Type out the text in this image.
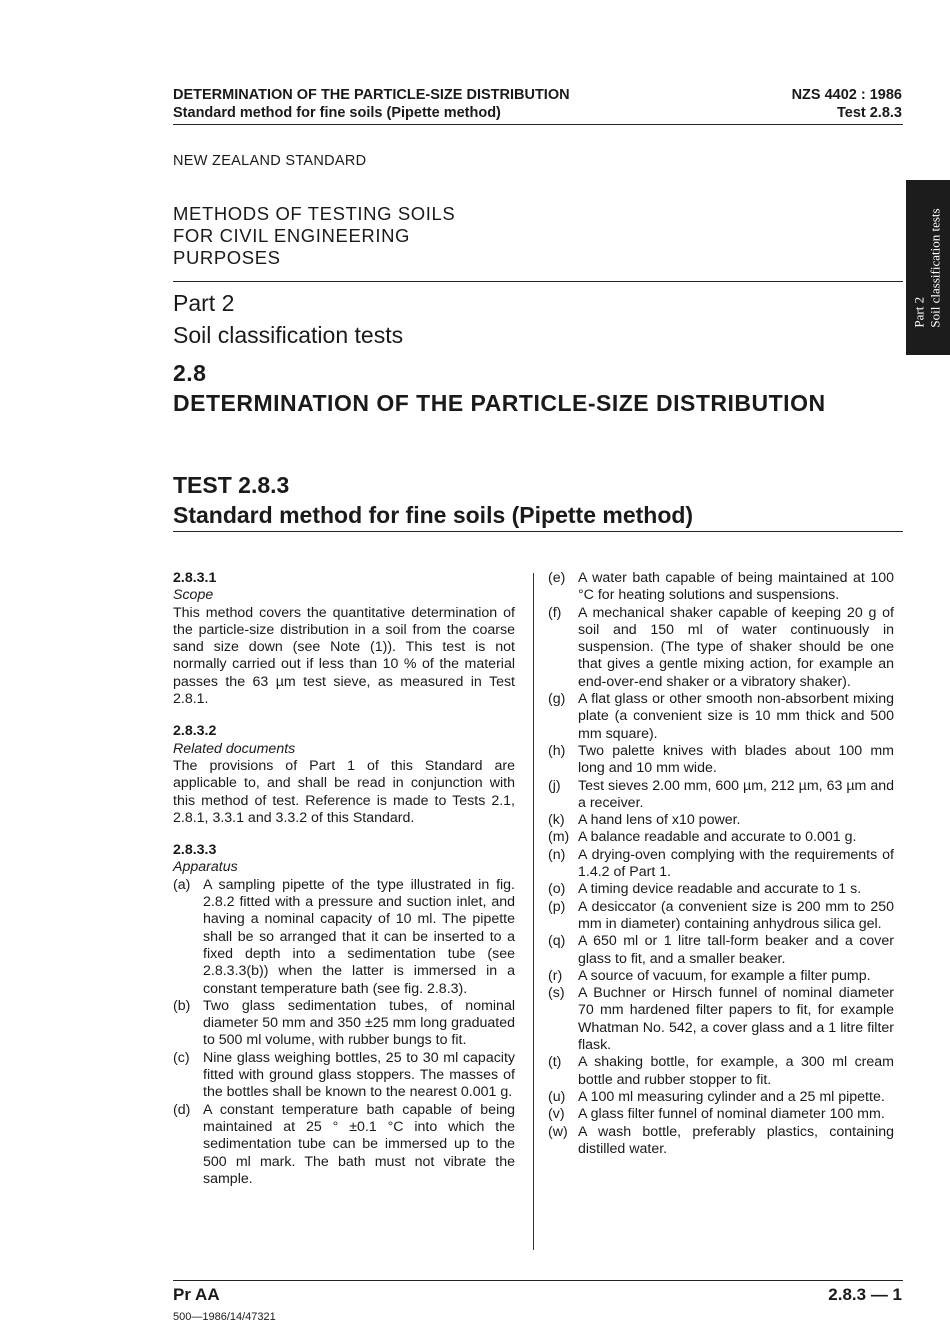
DETERMINATION OF THE PARTICLE-SIZE DISTRIBUTION
Standard method for fine soils (Pipette method)
NZS 4402 : 1986
Test 2.8.3
NEW ZEALAND STANDARD
METHODS OF TESTING SOILS
FOR CIVIL ENGINEERING
PURPOSES
Part 2
Soil classification tests
2.8
DETERMINATION OF THE PARTICLE-SIZE DISTRIBUTION
TEST 2.8.3
Standard method for fine soils (Pipette method)
Part 2 Soil classification tests
2.8.3.1
Scope
This method covers the quantitative determination of the particle-size distribution in a soil from the coarse sand size down (see Note (1)). This test is not normally carried out if less than 10 % of the material passes the 63 µm test sieve, as measured in Test 2.8.1.
2.8.3.2
Related documents
The provisions of Part 1 of this Standard are applicable to, and shall be read in conjunction with this method of test. Reference is made to Tests 2.1, 2.8.1, 3.3.1 and 3.3.2 of this Standard.
2.8.3.3
Apparatus
(a) A sampling pipette of the type illustrated in fig. 2.8.2 fitted with a pressure and suction inlet, and having a nominal capacity of 10 ml. The pipette shall be so arranged that it can be inserted to a fixed depth into a sedimentation tube (see 2.8.3.3(b)) when the latter is immersed in a constant temperature bath (see fig. 2.8.3).
(b) Two glass sedimentation tubes, of nominal diameter 50 mm and 350 ±25 mm long graduated to 500 ml volume, with rubber bungs to fit.
(c) Nine glass weighing bottles, 25 to 30 ml capacity fitted with ground glass stoppers. The masses of the bottles shall be known to the nearest 0.001 g.
(d) A constant temperature bath capable of being maintained at 25 ° ±0.1 °C into which the sedimentation tube can be immersed up to the 500 ml mark. The bath must not vibrate the sample.
(e) A water bath capable of being maintained at 100 °C for heating solutions and suspensions.
(f)	A mechanical shaker capable of keeping 20 g of soil and 150 ml of water continuously in suspension. (The type of shaker should be one that gives a gentle mixing action, for example an end-over-end shaker or a vibratory shaker).
(g) A flat glass or other smooth non-absorbent mixing plate (a convenient size is 10 mm thick and 500 mm square).
(h) Two palette knives with blades about 100 mm long and 10 mm wide.
(j)	Test sieves 2.00 mm, 600 µm, 212 µm, 63 µm and a receiver.
(k) A hand lens of x10 power.
(m) A balance readable and accurate to 0.001 g.
(n) A drying-oven complying with the requirements of 1.4.2 of Part 1.
(o) A timing device readable and accurate to 1 s.
(p) A desiccator (a convenient size is 200 mm to 250 mm in diameter) containing anhydrous silica gel.
(q) A 650 ml or 1 litre tall-form beaker and a cover glass to fit, and a smaller beaker.
(r)	A source of vacuum, for example a filter pump.
(s) A Buchner or Hirsch funnel of nominal diameter 70 mm hardened filter papers to fit, for example Whatman No. 542, a cover glass and a 1 litre filter flask.
(t)	A shaking bottle, for example, a 300 ml cream bottle and rubber stopper to fit.
(u) A 100 ml measuring cylinder and a 25 ml pipette.
(v) A glass filter funnel of nominal diameter 100 mm.
(w) A wash bottle, preferably plastics, containing distilled water.
Pr AA	2.8.3 — 1
500—1986/14/47321
